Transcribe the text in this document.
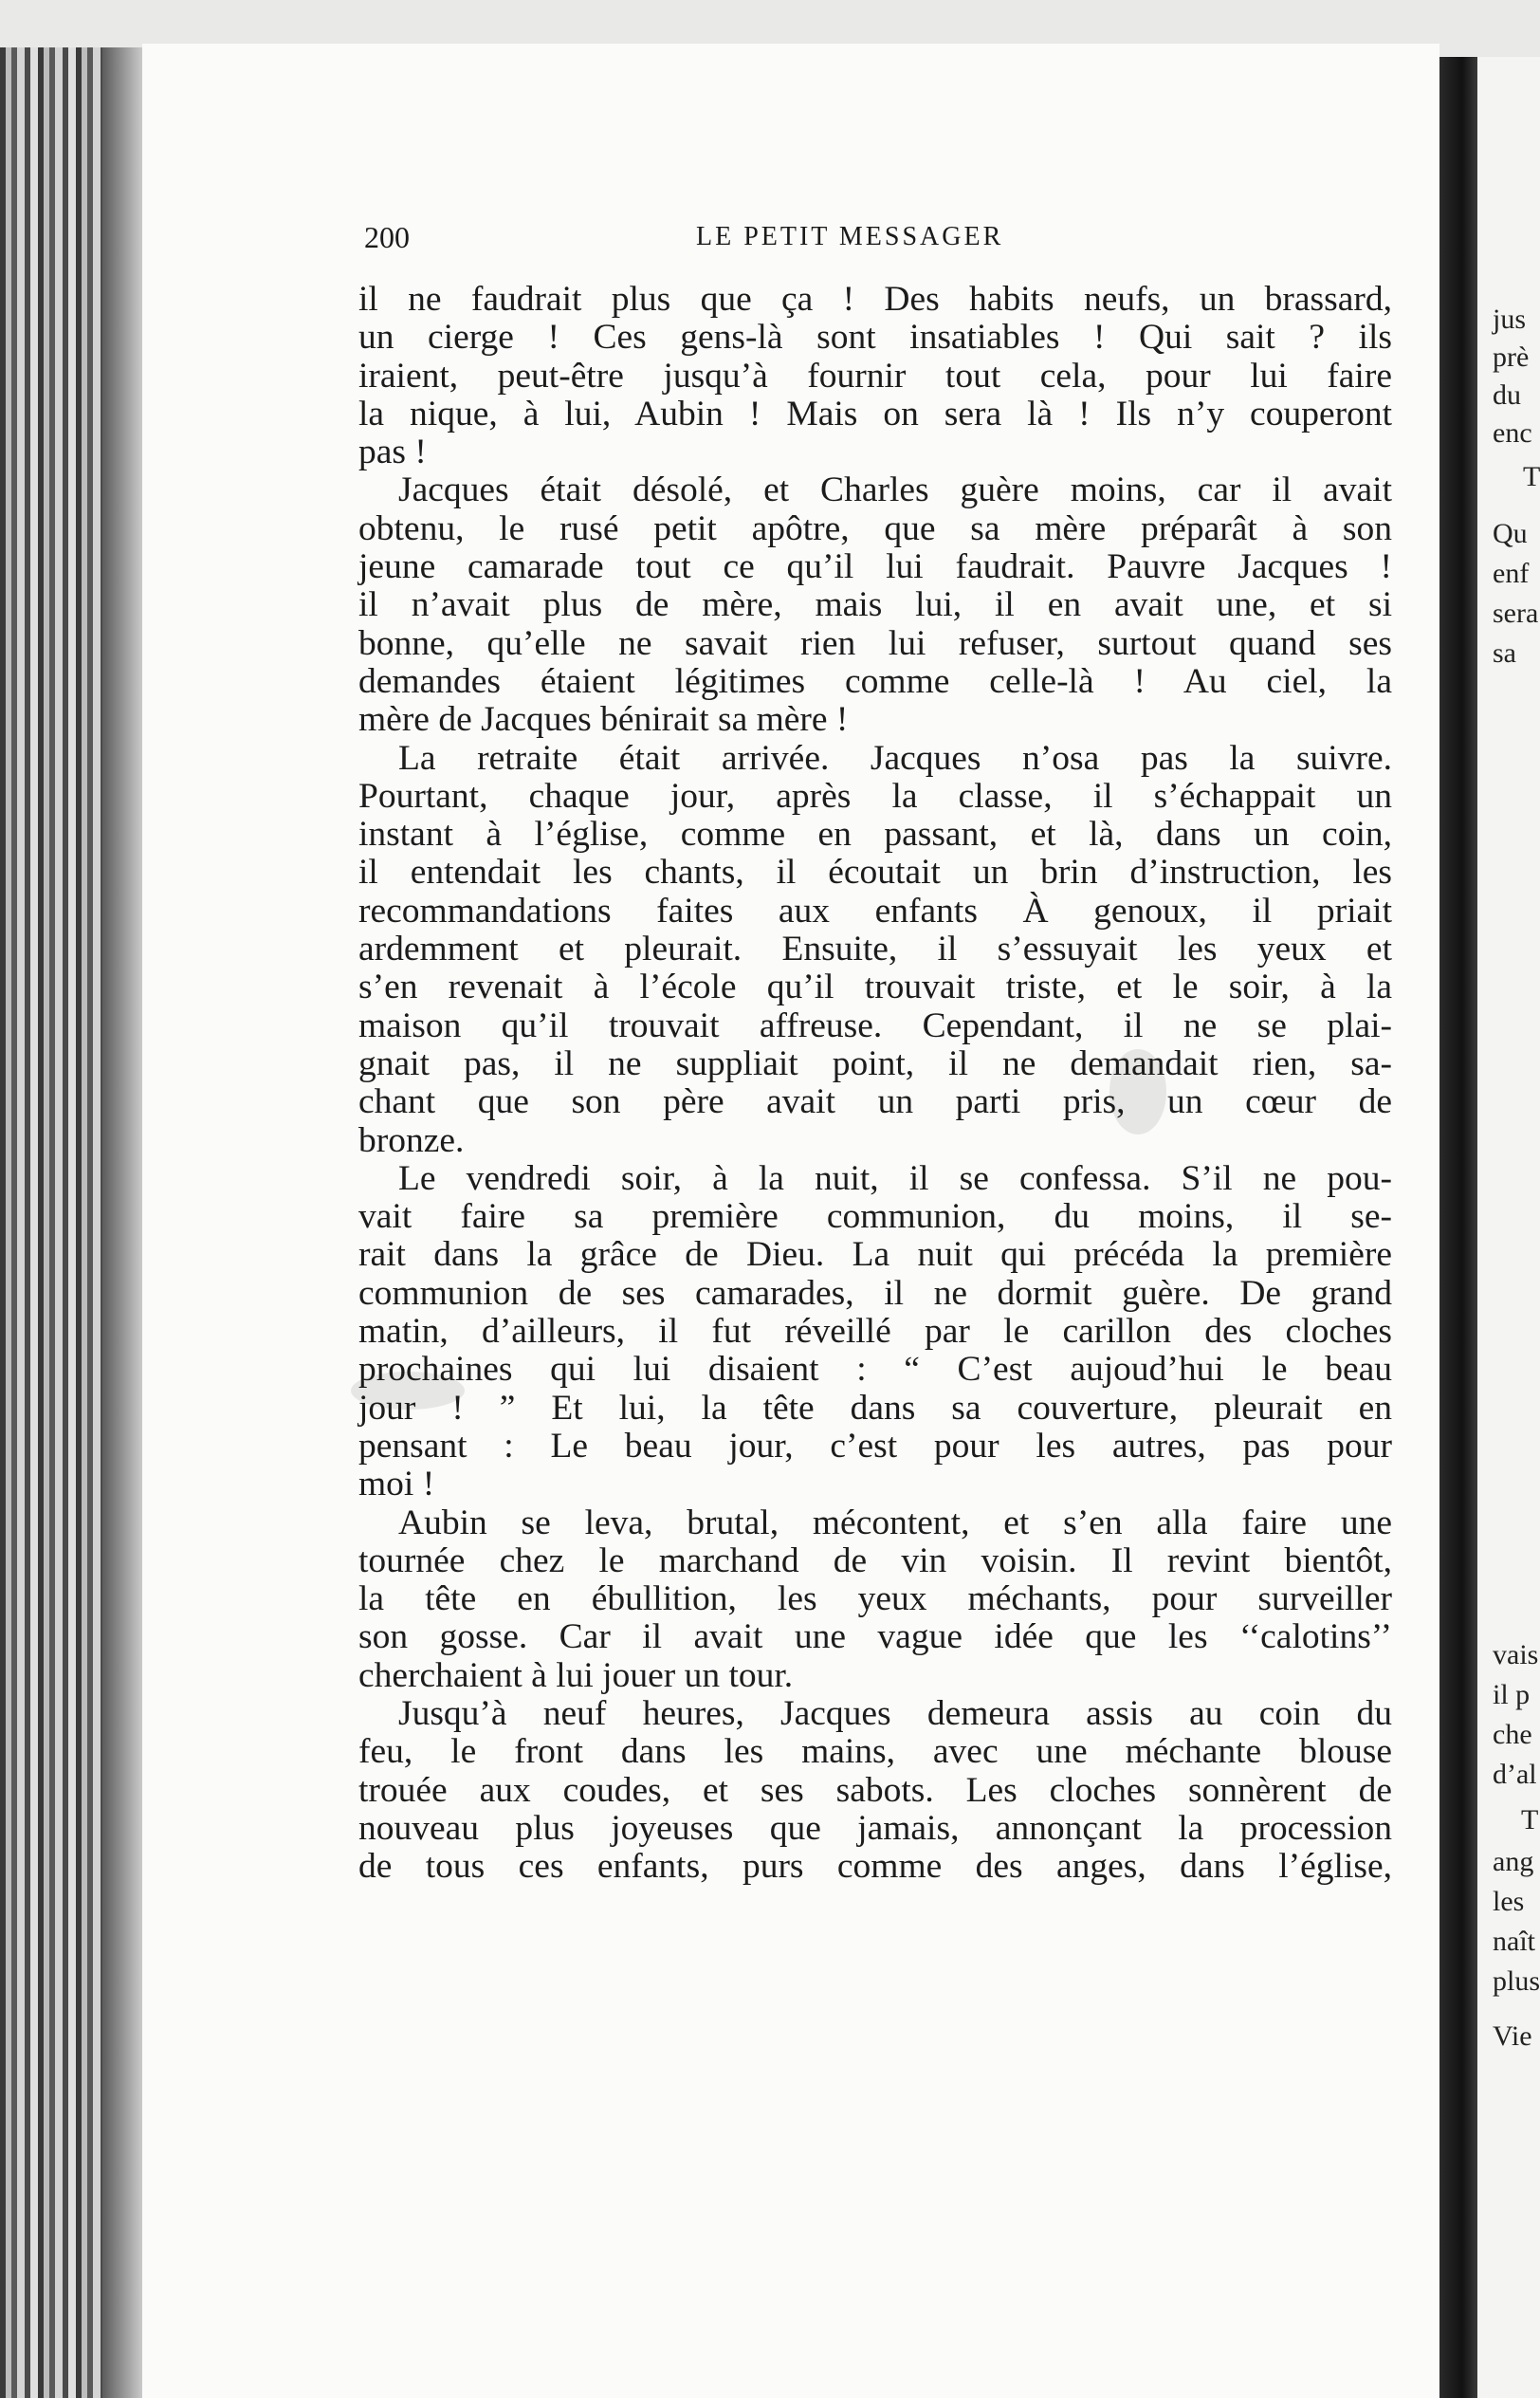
jus
prè
du
enc
T
Qu
enf
sera
sa
vais
il p
che
d’al
T
ang
les
naît
plus
Vie
200	LE PETIT MESSAGER
il ne faudrait plus que ça ! Des habits neufs, un brassard,
un cierge ! Ces gens-là sont insatiables ! Qui sait ? ils
iraient, peut-être jusqu’à fournir tout cela, pour lui faire
la nique, à lui, Aubin ! Mais on sera là ! Ils n’y couperont
pas !
Jacques était désolé, et Charles guère moins, car il avait
obtenu, le rusé petit apôtre, que sa mère préparât à son
jeune camarade tout ce qu’il lui faudrait. Pauvre Jacques !
il n’avait plus de mère, mais lui, il en avait une, et si
bonne, qu’elle ne savait rien lui refuser, surtout quand ses
demandes étaient légitimes comme celle-là ! Au ciel, la
mère de Jacques bénirait sa mère !
La retraite était arrivée. Jacques n’osa pas la suivre.
Pourtant, chaque jour, après la classe, il s’échappait un
instant à l’église, comme en passant, et là, dans un coin,
il entendait les chants, il écoutait un brin d’instruction, les
recommandations faites aux enfants À genoux, il priait
ardemment et pleurait. Ensuite, il s’essuyait les yeux et
s’en revenait à l’école qu’il trouvait triste, et le soir, à la
maison qu’il trouvait affreuse. Cependant, il ne se plai-
gnait pas, il ne suppliait point, il ne demandait rien, sa-
chant que son père avait un parti pris, un cœur de
bronze.
Le vendredi soir, à la nuit, il se confessa. S’il ne pou-
vait faire sa première communion, du moins, il se-
rait dans la grâce de Dieu. La nuit qui précéda la première
communion de ses camarades, il ne dormit guère. De grand
matin, d’ailleurs, il fut réveillé par le carillon des cloches
prochaines qui lui disaient : “ C’est aujoud’hui le beau
jour ! ” Et lui, la tête dans sa couverture, pleurait en
pensant : Le beau jour, c’est pour les autres, pas pour
moi !
Aubin se leva, brutal, mécontent, et s’en alla faire une
tournée chez le marchand de vin voisin. Il revint bientôt,
la tête en ébullition, les yeux méchants, pour surveiller
son gosse. Car il avait une vague idée que les ‘‘calotins’’
cherchaient à lui jouer un tour.
Jusqu’à neuf heures, Jacques demeura assis au coin du
feu, le front dans les mains, avec une méchante blouse
trouée aux coudes, et ses sabots. Les cloches sonnèrent de
nouveau plus joyeuses que jamais, annonçant la procession
de tous ces enfants, purs comme des anges, dans l’église,
